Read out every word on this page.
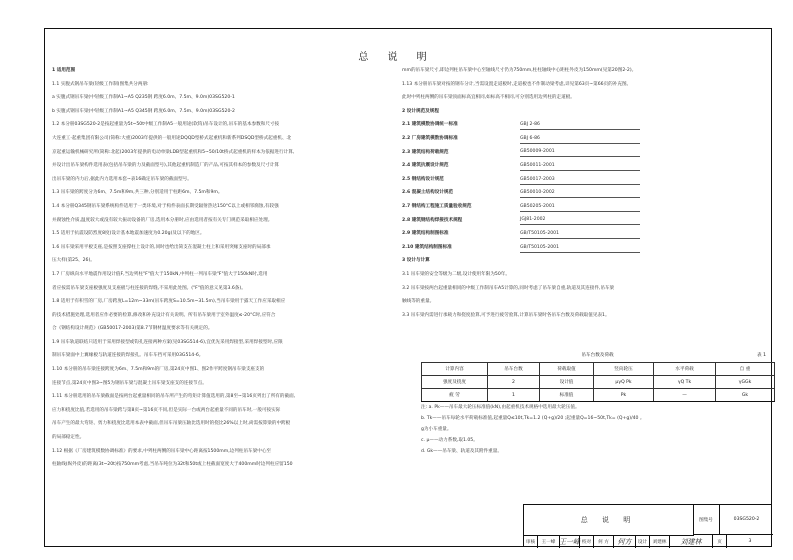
总 说 明

1 适用范围

1.1 实腹式钢吊车梁(轻级工作制)图集共分两册:

a 实腹式钢吊车梁(中轻级工作制A1~A5 Q235钢 跨度6.0m、7.5m、9.0m)03SG520-1

b 实腹式钢吊车梁(中轻级工作制A1~A5 Q345钢 跨度6.0m、7.5m、9.0m)03SG520-2

1.2 本分册03SG520-2是按起重量为5t~50t中级工作制A5一般用途(软钩)吊车设计的,吊车的基本参数和尺寸按

大连重工·起重集团有限公司(简称:大重)2003年提供的一般用途DQQD型桥式起重机和新系列DSQD型桥式起重机、北

京起重运输机械研究所(简称:北起)2003年提供的电动单梁LDB型起重机和5~50/10t桥式起重机的样本为依据进行计算,

并设计出吊车梁构件选用表(包括吊车梁的力及截面型号),其他起重机制造厂的产品,可按其样本的参数及尺寸计算

出吊车梁的内力后,据此内力选用本套~表16确定吊车梁的截面型号。

1.3 吊车梁的跨度分为6m、7.5m和9m,共三种,分别适用于柱距6m、7.5m和9m。

1.4 本分册Q345钢吊车梁系统构件适用于一类环境,对于构件表面长期受辐射热达150°C以上或相邻腐蚀,有较强

并腐蚀性介质,温度较大或没有较大振动设备的厂房,选用本分册时,应由选用者按有关专门规范采取相应处理。

1.5 适用于抗震设防烈度8度(设计基本地震加速度为0.20g)及以下的地区。

1.6 吊车梁采用平板支座,是按照支座撑柱上设计的,同时也给出简支在混凝土柱上和采用突缘支座时的局部承

压大样(第25、26)。

1.7 厂房纵向水平地震作用设计值F,当边列柱"F"值大于150kN,中列柱一列吊车梁"F"值大于150kN时,选用

者应按需吊车梁支座板强度及支座板与柱连接的焊缝,不采用此处图。("F"值的意义见第3.6条)。

1.8 适用于有积雪的厂房,厂房跨度L=12m~33m(吊车跨度S=10.5m~31.5m),当吊车梁用于露天工作应采取相应

的技术措施处理,选用者应作必要的检算,修改和补充设计有关说明。所有吊车梁用于室外温度≤-20°C时,应符合

合《钢结构设计规范》(GB50017-2003)第8.7节钢材温度要求等有关规定的。

1.9 吊车轨道联结只适用于采用焊接型或钩孔连接两种方案(见03SG514-6),宜优先采用焊接型,采用焊接型时,应限

制吊车梁面中上翼缘板与轨道连接的焊接孔。吊车车挡可采用03G514-6。

1.10 本分册的吊车梁连接跨度为6m、7.5m和9m的厂房,第24页中图1、图2作平跨度钢吊车梁支座支的

连接节点,第24页中图3~图5为钢吊车梁与混凝土吊车梁支座支的连接节点。

1.11 本分册选用的吊车梁截面是按两台起重量相同的吊车所产生的弯矩计算值选用的,第8至~第16页列出了所有的截面,

应力和挠度比值,若选用的吊车梁跨与第8页~第16页不同,但是实际一台或两台起重量不同的吊车时,一般可按实际

吊车产生的最大弯矩、剪力和挠度比选用本表中截面,但吊车吊梁压轴比选用时的挠比26%以上时,尚需按算梁的中跨板

的局部稳定性。

1.12 根据《厂房建筑模数协调标准》的要求,中列柱两侧的吊车梁中心距离按1500mm,边列柱吊车梁中心至

柱轴线(纵外皮)的距离(3t~20t)按750mm考虑,当吊车吨位为32t和50t或上柱截面宽度大于400mm时边列柱应留150

mm的吊车梁尺寸,即边列柱吊车梁中心至轴线尺寸仍为750mm,柱柱轴线中心距柱外皮为150mm(见第20图2-2)。

1.13 本分册吊车梁对按的钢车分计,当需设置走道板时,走道板也不作制动梁考虑,详见第63页~第66页的补充图。

此时中列柱两侧的吊车梁顶面标高宜相同,如标高不相同,可分别选用边列柱的走道板。

2 设计规范及规程

2.1 建筑模数协调统一标准	GBJ 2-86
2.2 厂房建筑模数协调标准	GBJ 6-86
2.3 建筑结构荷载规范	GB50009-2001
2.4 建筑抗震设计规范	GB50011-2001
2.5 钢结构设计规范	GB50017-2003
2.6 混凝土结构设计规范	GB50010-2002
2.7 钢结构工程施工质量验收规范	GB50205-2001
2.8 建筑钢结构焊接技术规程	JGJ81-2002
2.9 建筑结构制图标准	GB/T50105-2001
2.10 建筑结构制图标准	GB/T50105-2001

3 设计与计算

3.1 吊车梁的安全等级为二级,设计使用年限为50年。

3.2 吊车梁按两台起重量相同的中级工作制吊车A5计算的,同时考虑了吊车梁自重,轨道及其连接件,吊车梁

触线等的重量。

3.3 吊车梁内需进行承载力和挠度验算,可予进行疲劳验算,计算吊车梁时各吊车台数及荷载取值见表1。

吊车台数及荷载	表 1
计算内容	吊车台数	荷载取值	竖向轮压	水平荷载	自 重
强度及挠度	2	设计值	μγQ Pk	γQ Tk	γGGk
疲 劳	1	标准值	Pk	—	Gk

注: a. Pk——吊车最大轮压标准值(kN),由起重机技术规格中选用最大轮压值。

b. Tk——吊车每轮水平荷载标准值,起重量Q≤10t,Tk=1.2 (Q+g)/20 ;起重量Q=16~50t,Tk= (Q+g)/40 。

g为小车重量。

c. μ——动力系数,取1.05。

d. Gk——吊车梁、轨道及其附件重量。

总 说 明	图集号	03SG520-2
审核	王一峰 王一峰 校对	何 方	何方	设计	刘建林	刘建林	页	3
